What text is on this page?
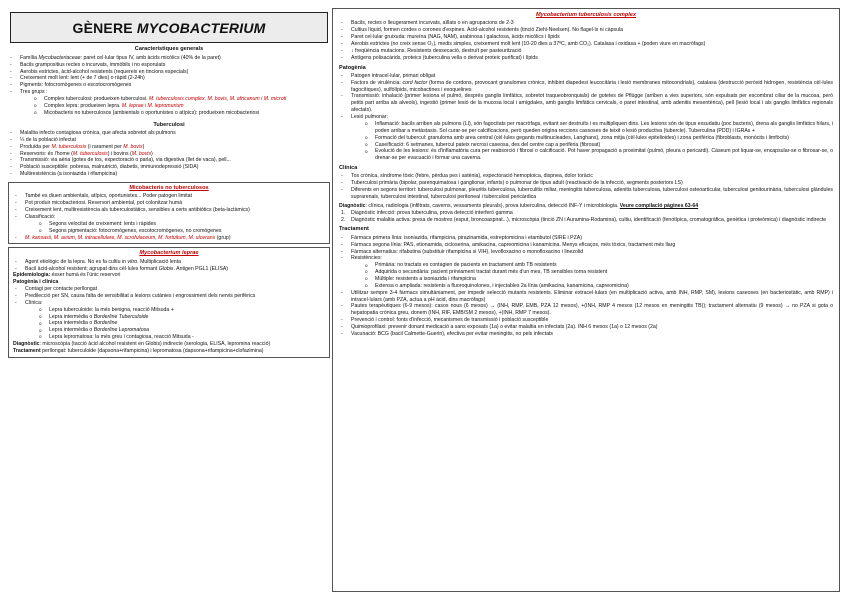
GÈNERE MYCOBACTERIUM
Característiques generals
- Família Mycobacteriaceae: paret cel·lular tipus IV, amb àcids micòlics (40% de la paret)
- Bacils grampositius rectes o incurvats, immòbils i no esporulats
- Aerobis estrictes, àcid-alcohol resistents (requereix en tincions especials)
- Creixement molt lent: lent (+ de 7 dies) o ràpid (2-24h)
- Pigments: fotocromògenes o escotocromògenes
- Tres grups :
o Complex tuberculosi: produeixen tuberculosi. M. tuberculosis complex, M. bovis, M. africanum i M. microti
o Complex lepra: produeixen lepra. M. leprae i M. lepromurium
o Micobacteris no tuberculosos (ambientals o oportunistes o atípics): produeixen micobacteriosi
Tuberculosi
- Malaltia infecto contagiosa crònica, que afecta sobretot als pulmons
- ¼ de la població infectat
- Produïda per M. tuberculosis (i rarament per M. bovis)
- Reservoris: és l'home (M. tuberculosis) i bovins (M. bovis)
- Transmissió: via aèria (gotes de tos, expectoració o parla), via digestiva (llet de vaca), pell...
- Població susceptible: pobresa, malnutrició, diabetis, immunodepressió (SIDA)
- Multiresistència (a isoniazida i rifampicina)
Micobacteris no tuberculosos
- També es diuen ambientals, atípics, oportunistes... Poder patogen limitat
- Pot produir micobacteriosi. Reservori ambiental, pot colonitzar humà
- Creixement lent, multiresistència als tuberculostàtics, sensibles a certs antibiòtics (beta-lactàmics)
- Classificació:
o Segons velocitat de creixement: lents i ràpides
o Segons pigmentació: fotocromògenes, escotocromògenes, no cromògenes
- M. kansasii, M. avium, M. intracellulare, M. scrofulaceum, M. fortuitum, M. ulcerans (grup)
Mycobacterium leprae
- Agent etiològic de la lepra. No es fa cultiu in vitro. Multiplicació lenta
- Bacil àcid-alcohol resistent; agrupat dins cèl·lules formant Globis. Antigen PGL1 (ELISA)

Epidemiologia: ésser humà és l'únic reservori

Patogènia i clínica

- Contagi per contacte perllongat
- Predilecció per SN, causa falta de sensibilitat a lesions cutànies i engrossiment dels nervis perifèrics
- Clínica:
o Lepra tuberculoide: la més benigna, reacció Mitsuda +
o Lepra intermèdia o Borderline Tuberculoide
o Lepra intermèdia o Borderline
o Lepra intermèdia o Borderline Lepromatosa
o Lepra lepromatosa: la més greu i contagiosa, reacció Mitsuda -

Diagnòstic: microscòpia (tacció àcid alcohol resistent en Globis) indirecte (serologia, ELISA, lepromina reacció)

Tractament perllongat: tuberculoide (dapsona+rifampicina) i lepromatosa (dapsona+rifampicina+clofazimina)

Mycobacterium tuberculosis complex
- Bacils, rectes o lleugerament incurvats, aïllats o en agrupacions de 2-3
- Cultius líquid, formen cordes o corones d'espines. Àcid-alcohol resistents (tinció Ziehl-Neelsen). No flagel·ls ni càpsula
- Paret cel·lular gruixuda: mureïna (NAG, NAM), arabinosa i galactosa, àcids micòlics i lípids
- Aerobis estrictes (no creix sense O₂), medis simples, creixement molt lent (10-20 dies a 37ºC, amb CO₂). Catalasa i oxidasa + (poden viure en macròfags)
- ↓ freqüència mutacions. Resistents dessecació, destruït per pasteurització
- Antígens polisacàrids, proteics (tuberculina vella o derivat proteic purificat) i lípids
Patogènia
- Patogen intracel·lular, primari obligat
- Factors de virulència: cord factor (forma de cordons, provocant granulomes crònics, inhibint diapedesi leucocitària i lesió membranes mitocondrials), catalasa (destrucció peròxid hidrogen, resistència cèl·lules fagocítiques), sulfòlípids, micobactines i exoquelines
- Transmissió: inhalació (primer lesiona el pulmó, després ganglis limfàtics, sobretot traqueobronquials) de gotetes de Pflügge (arriben a vies superiors, són expulsats per escombrat ciliar de la mucosa, però petits part arriba als alveols), ingestió (primer lesió de la mucosa local i amígdales, amb ganglis limfàtics cervicals, o paret intestinal, amb adenitis mesentèrica), pell (lesió local i als ganglis limfàtics regionals afectats).
- Lesió pulmonar:
o Inflamació: bacils arriben als pulmons (LI), són fagocitats per macròfags, evitant ser destruïts i es multipliquen dins. Les lesions són de tipus exsudatiu (poc bacteris), drena als ganglis limfàtics hilars, i poden arribar a metàstasis. Sol curar-se per calcificacions, però queden origina reccions cassoses de teixit o lesió productiva (tubercle). Tuberculina (PDD) i IGRAs +
o Formació del tubercul: granuloma amb area central (cèl·lules gegants multinucleades, Langhans), zona mitja (cèl·lules epitelioides) i zona perifèrica (fibroblasts, monòcits i limfòcits)
o Caseïficació: 6 setmanes, tubercul pateix necrosi caseosa, des del centre cap a perifèria (fibrosat)
o Evolució de les lesions: és d'inflamatòria cura per reabsorció i fibrosi o calcificació. Pot haver propagació a proximitat (pulmó, pleura o pericardi). Càseum pot liquar-se, encapsular-se o fibrosar-se, o drenar-se per evacuació i formar una caverna.
Clínica
- Tos crònica, síndrome tòxic (febre, pèrdua pes i astènia), expectoració hemoptoica, dispnea, dolor toràcic
- Tuberculosi primària (bipolar, parenquimatosa i ganglionar, infants) o pulmonar de tipus adult (reactivació de la infecció, segments posteriors LS)
- Diferents en segons territori: tuberculosi pulmonar, pleuritis tuberculosa, tuberculitis miliar, meningitis tuberculosa, adenitis tuberculosa, tuberculosi osteoarticular, tuberculosi genitourinària, tuberculosi glàndules suprarenals, tuberculosi intestinal, tuberculosi peritoneal i tuberculosi pericàrdica

Diagnòstic: clínica, radiologia (infiltrats, caverns, vessaments pleurals), prova tuberculina, detecció INF-Y i microbiologia. Veure compilació pàgines 63-64

1. Diagnòstic infecció: prova tuberculina, prova detecció interferó gamma
2. Diagnòstic malaltia activa: presa de mostres (esput, broncoaspirat...), microscòpia (tinció ZN i Auramina-Rodamina), cultiu, identificació (fenotípica, cromatogràfica, genètica i proteòmica) i diagnòstic indirecte
Tractament
- Fàrmacs primera línia: isoniazida, rifampicina, pirazinamida, estreptomicina i etambutol (SIRE i PZA)
- Fàrmacs segona línia: PAS, etionamida, cicloserina, amikacina, capreomicina i kanamicina. Menys eficaços, més tòxics, tractament més llarg
- Fàrmacs alternatius: rifabutina (substituir rifampicina si VIH), levofloxacino o monofloxacino i linezolid
- Resistències:
o Primària: no tractats es contagien de pacients en tractament amb TB resistents
o Adquirida o secundària: pacient prèviament tractat durant més d'un mes, TB sensibles torna resistent
o Múltiple: resistents a isoniazida i rifampicina
o Extensa o ampliada: resistents a fluoroquinolones, i injectables 2a línia (amikacina, kanamicina, capreomicina)
- Utilitzar sempre 3-4 fàrmacs simultàniament, per impedir selecció mutants resistents. Eliminar extracel·lulars (en multiplicació activa, amb INH, RMP, SM), lesions caseoses (en bacteriostàtic, amb RMP) i intracel·lulars (amb PZA, actua a pH àcid, dins macròfags)
- Pautes terapèutiques (6-9 mesos): casos nous (6 mesos) → (INH, RMP, EMB, PZA 12 mesos), +(INH, RMP 4 mesos (12 mesos en meningitis TB)); tractament alternatiu (9 mesos) → no PZA si gota o hepatopatia crònica greu, donem (INH, RIF, EMB/SM 2 mesos), +(INH, RMP 7 mesos).
- Prevenció i control: fonts d'infecció, mecanismes de transmissió i població susceptible
- Quimioprofilaxi: prevenir donant medicació a sans exposats (1a) o evitar malaltia en infectats (2a). INH 6 mesos (1a) o 12 mesos (2a)
- Vacunació: BCG (bacil Calmette-Guerin), efectiva per evitar meningitis, no pels infectats
